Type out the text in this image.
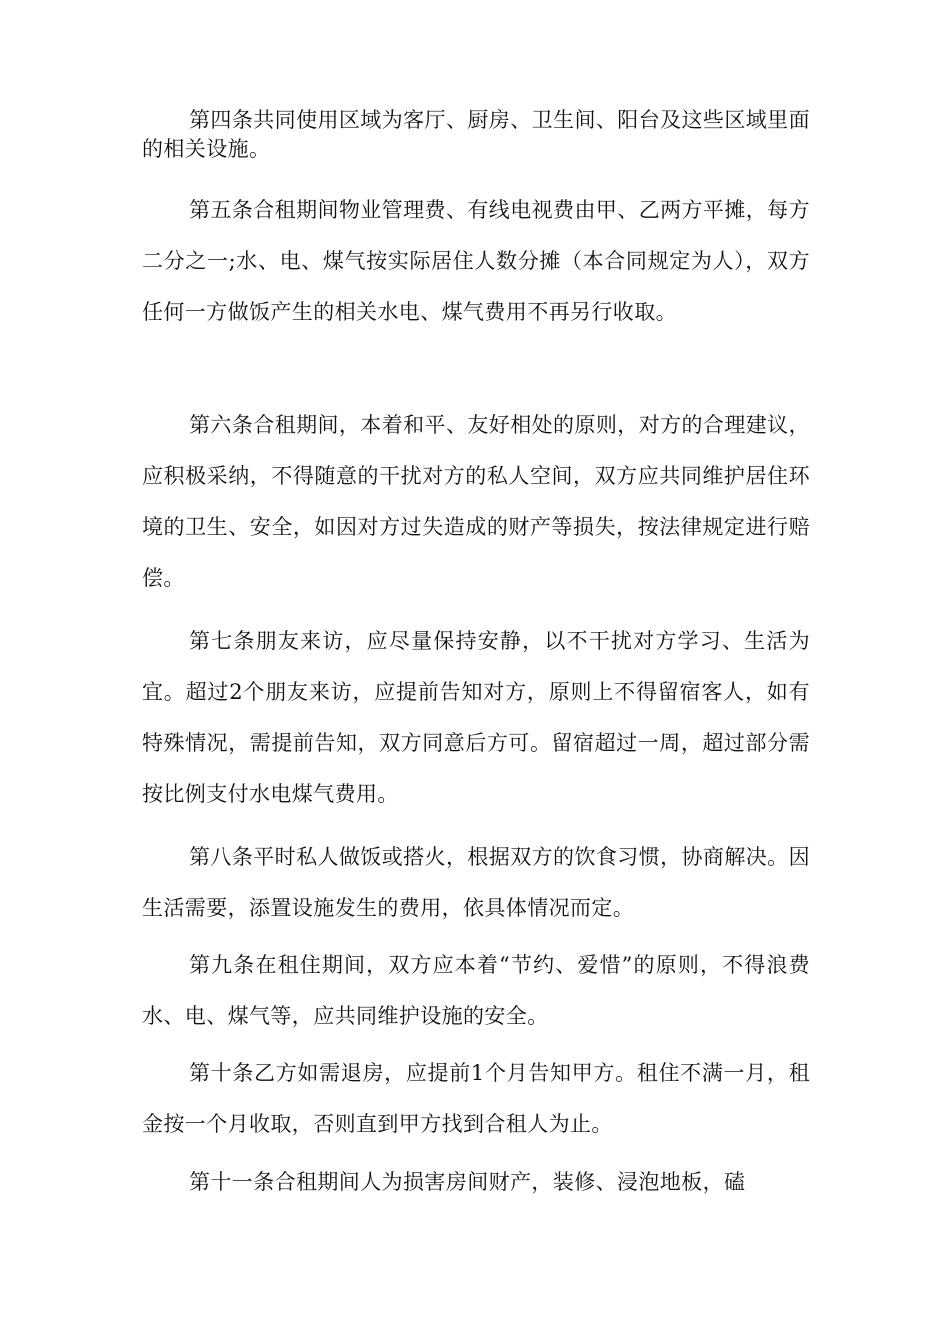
第四条共同使用区域为客厅、厨房、卫生间、阳台及这些区域里面的相关设施。

第五条合租期间物业管理费、有线电视费由甲、乙两方平摊，每方二分之一;水、电、煤气按实际居住人数分摊（本合同规定为人），双方任何一方做饭产生的相关水电、煤气费用不再另行收取。

第六条合租期间，本着和平、友好相处的原则，对方的合理建议，应积极采纳，不得随意的干扰对方的私人空间，双方应共同维护居住环境的卫生、安全，如因对方过失造成的财产等损失，按法律规定进行赔偿。

第七条朋友来访，应尽量保持安静，以不干扰对方学习、生活为宜。超过2个朋友来访，应提前告知对方，原则上不得留宿客人，如有特殊情况，需提前告知，双方同意后方可。留宿超过一周，超过部分需按比例支付水电煤气费用。

第八条平时私人做饭或搭火，根据双方的饮食习惯，协商解决。因生活需要，添置设施发生的费用，依具体情况而定。

第九条在租住期间，双方应本着“节约、爱惜”的原则，不得浪费水、电、煤气等，应共同维护设施的安全。

第十条乙方如需退房，应提前1个月告知甲方。租住不满一月，租金按一个月收取，否则直到甲方找到合租人为止。

第十一条合租期间人为损害房间财产，装修、浸泡地板，磕
